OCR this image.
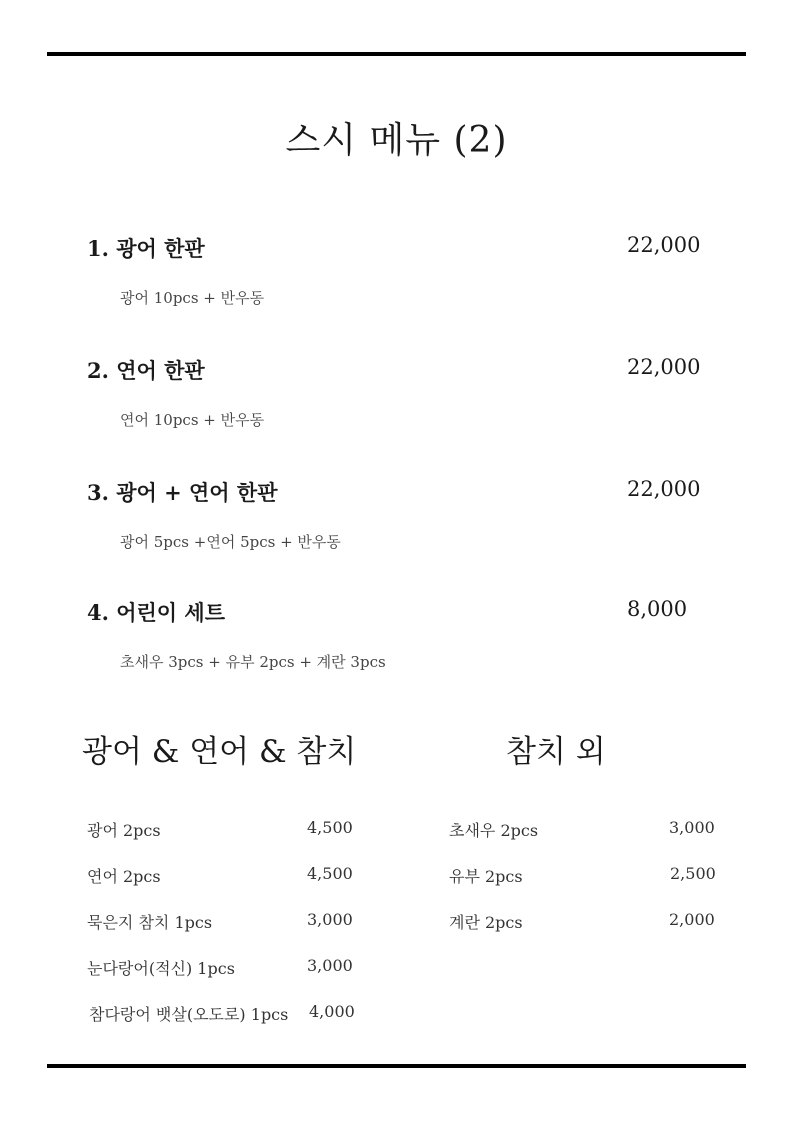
스시 메뉴 (2)
1. 광어 한판	22,000
광어 10pcs + 반우동
2. 연어 한판	22,000
연어 10pcs + 반우동
3. 광어 + 연어 한판	22,000
광어 5pcs +연어 5pcs + 반우동
4. 어린이 세트	8,000
초새우 3pcs + 유부 2pcs + 계란 3pcs
광어 & 연어 & 참치	참치 외
광어 2pcs	4,500
연어 2pcs	4,500
묵은지 참치 1pcs	3,000
눈다랑어(적신) 1pcs	3,000
참다랑어 뱃살(오도로) 1pcs 4,000
초새우 2pcs	3,000
유부 2pcs	2,500
계란 2pcs	2,000
